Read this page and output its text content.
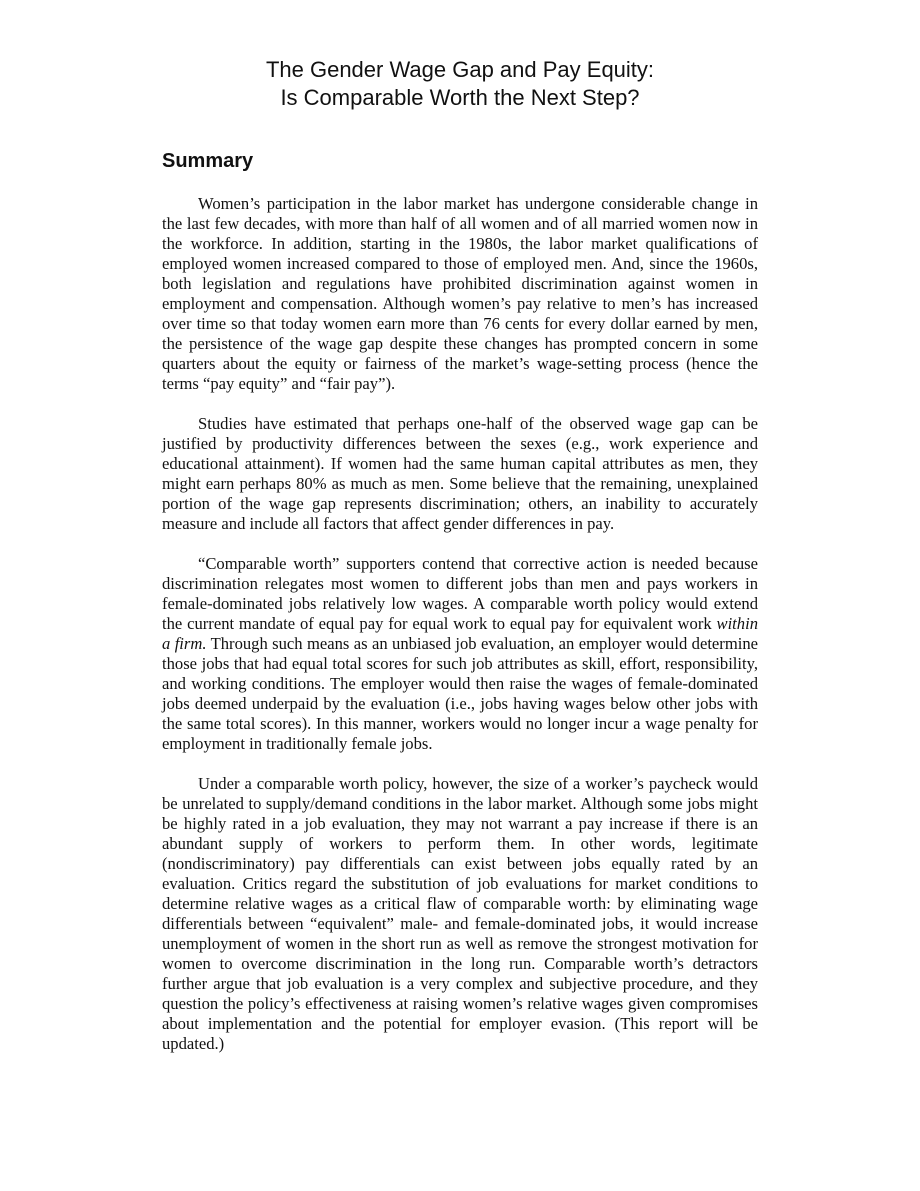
The Gender Wage Gap and Pay Equity:
Is Comparable Worth the Next Step?
Summary

Women’s participation in the labor market has undergone considerable change in the last few decades, with more than half of all women and of all married women now in the workforce. In addition, starting in the 1980s, the labor market qualifications of employed women increased compared to those of employed men. And, since the 1960s, both legislation and regulations have prohibited discrimination against women in employment and compensation. Although women’s pay relative to men’s has increased over time so that today women earn more than 76 cents for every dollar earned by men, the persistence of the wage gap despite these changes has prompted concern in some quarters about the equity or fairness of the market’s wage-setting process (hence the terms “pay equity” and “fair pay”).

Studies have estimated that perhaps one-half of the observed wage gap can be justified by productivity differences between the sexes (e.g., work experience and educational attainment). If women had the same human capital attributes as men, they might earn perhaps 80% as much as men. Some believe that the remaining, unexplained portion of the wage gap represents discrimination; others, an inability to accurately measure and include all factors that affect gender differences in pay.

“Comparable worth” supporters contend that corrective action is needed because discrimination relegates most women to different jobs than men and pays workers in female-dominated jobs relatively low wages. A comparable worth policy would extend the current mandate of equal pay for equal work to equal pay for equivalent work within a firm. Through such means as an unbiased job evaluation, an employer would determine those jobs that had equal total scores for such job attributes as skill, effort, responsibility, and working conditions. The employer would then raise the wages of female-dominated jobs deemed underpaid by the evaluation (i.e., jobs having wages below other jobs with the same total scores). In this manner, workers would no longer incur a wage penalty for employment in traditionally female jobs.

Under a comparable worth policy, however, the size of a worker’s paycheck would be unrelated to supply/demand conditions in the labor market. Although some jobs might be highly rated in a job evaluation, they may not warrant a pay increase if there is an abundant supply of workers to perform them. In other words, legitimate (nondiscriminatory) pay differentials can exist between jobs equally rated by an evaluation. Critics regard the substitution of job evaluations for market conditions to determine relative wages as a critical flaw of comparable worth: by eliminating wage differentials between “equivalent” male- and female-dominated jobs, it would increase unemployment of women in the short run as well as remove the strongest motivation for women to overcome discrimination in the long run. Comparable worth’s detractors further argue that job evaluation is a very complex and subjective procedure, and they question the policy’s effectiveness at raising women’s relative wages given compromises about implementation and the potential for employer evasion. (This report will be updated.)
